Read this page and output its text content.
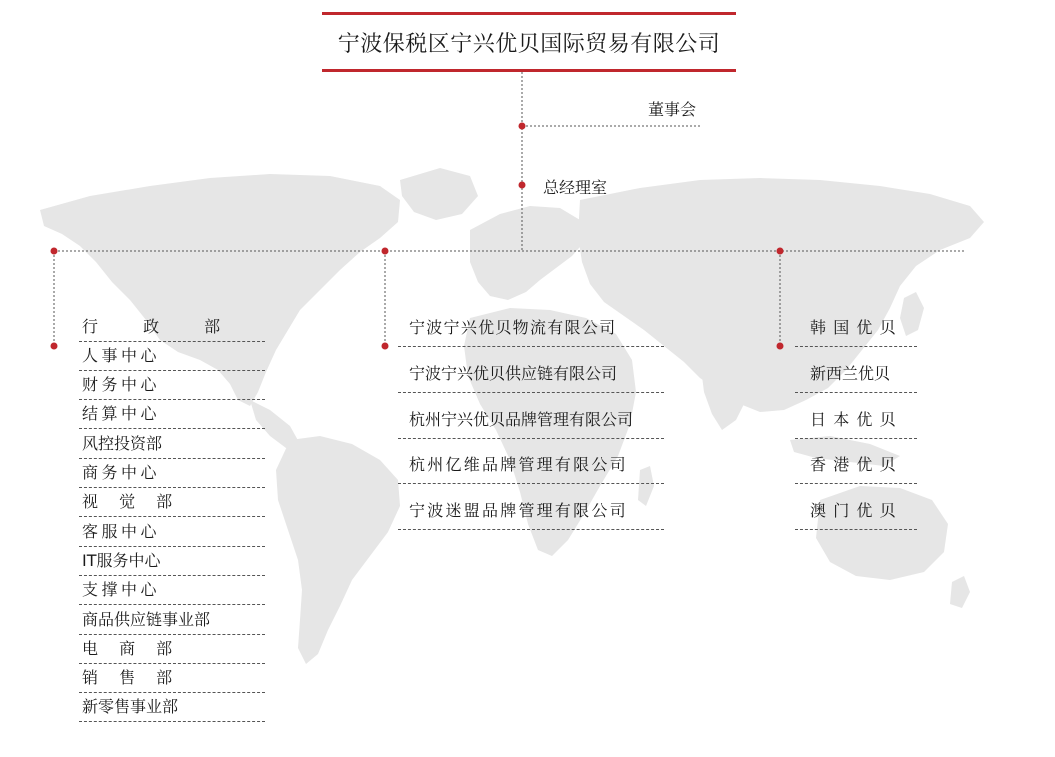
宁波保税区宁兴优贝国际贸易有限公司
董事会
总经理室
行 政 部
人事中心
财务中心
结算中心
风控投资部
商务中心
视 觉 部
客服中心
IT服务中心
支撑中心
商品供应链事业部
电 商 部
销 售 部
新零售事业部
宁波宁兴优贝物流有限公司
宁波宁兴优贝供应链有限公司
杭州宁兴优贝品牌管理有限公司
杭州亿维品牌管理有限公司
宁波迷盟品牌管理有限公司
韩国优贝
新西兰优贝
日本优贝
香港优贝
澳门优贝
